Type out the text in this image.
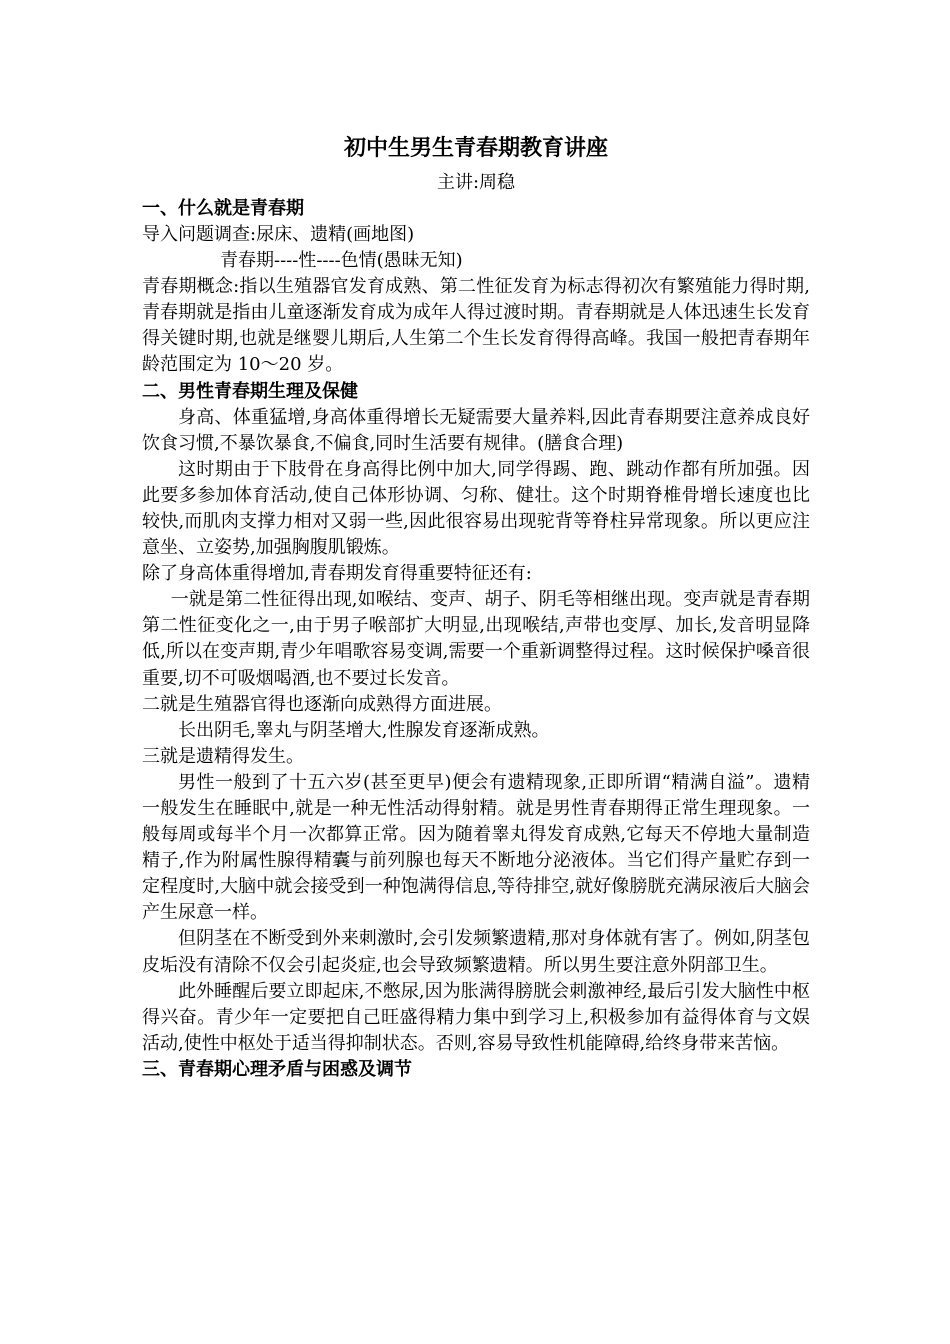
初中生男生青春期教育讲座

主讲:周稳

一、什么就是青春期

导入问题调查:尿床、遗精(画地图)

青春期----性----色情(愚昧无知)

青春期概念:指以生殖器官发育成熟、第二性征发育为标志得初次有繁殖能力得时期,青春期就是指由儿童逐渐发育成为成年人得过渡时期。青春期就是人体迅速生长发育得关键时期,也就是继婴儿期后,人生第二个生长发育得得高峰。我国一般把青春期年龄范围定为 10～20 岁。

二、男性青春期生理及保健

身高、体重猛增,身高体重得增长无疑需要大量养料,因此青春期要注意养成良好饮食习惯,不暴饮暴食,不偏食,同时生活要有规律。(膳食合理)

这时期由于下肢骨在身高得比例中加大,同学得踢、跑、跳动作都有所加强。因此要多参加体育活动,使自己体形协调、匀称、健壮。这个时期脊椎骨增长速度也比较快,而肌肉支撑力相对又弱一些,因此很容易出现驼背等脊柱异常现象。所以更应注意坐、立姿势,加强胸腹肌锻炼。

除了身高体重得增加,青春期发育得重要特征还有:

一就是第二性征得出现,如喉结、变声、胡子、阴毛等相继出现。变声就是青春期第二性征变化之一,由于男子喉部扩大明显,出现喉结,声带也变厚、加长,发音明显降低,所以在变声期,青少年唱歌容易变调,需要一个重新调整得过程。这时候保护嗓音很重要,切不可吸烟喝酒,也不要过长发音。

二就是生殖器官得也逐渐向成熟得方面进展。

长出阴毛,睾丸与阴茎增大,性腺发育逐渐成熟。

三就是遗精得发生。

男性一般到了十五六岁(甚至更早)便会有遗精现象,正即所谓“精满自溢”。遗精一般发生在睡眠中,就是一种无性活动得射精。就是男性青春期得正常生理现象。一般每周或每半个月一次都算正常。因为随着睾丸得发育成熟,它每天不停地大量制造精子,作为附属性腺得精囊与前列腺也每天不断地分泌液体。当它们得产量贮存到一定程度时,大脑中就会接受到一种饱满得信息,等待排空,就好像膀胱充满尿液后大脑会产生尿意一样。

但阴茎在不断受到外来刺激时,会引发频繁遗精,那对身体就有害了。例如,阴茎包皮垢没有清除不仅会引起炎症,也会导致频繁遗精。所以男生要注意外阴部卫生。

此外睡醒后要立即起床,不憋尿,因为胀满得膀胱会刺激神经,最后引发大脑性中枢得兴奋。青少年一定要把自己旺盛得精力集中到学习上,积极参加有益得体育与文娱活动,使性中枢处于适当得抑制状态。否则,容易导致性机能障碍,给终身带来苦恼。

三、青春期心理矛盾与困惑及调节
